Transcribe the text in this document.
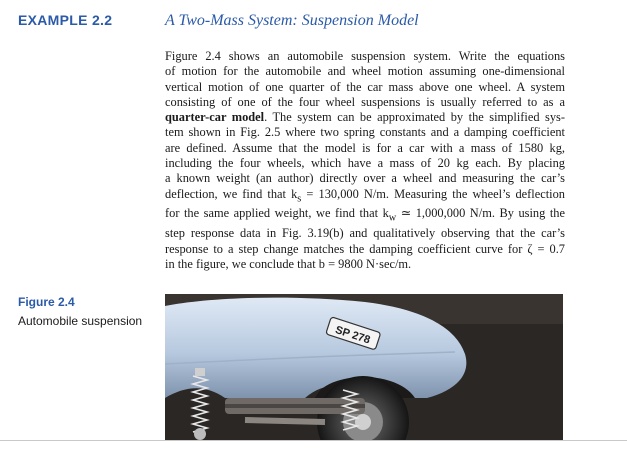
EXAMPLE 2.2	A Two-Mass System: Suspension Model
Figure 2.4 shows an automobile suspension system. Write the equations
of motion for the automobile and wheel motion assuming one-dimensional
vertical motion of one quarter of the car mass above one wheel. A system
consisting of one of the four wheel suspensions is usually referred to as a
quarter-car model. The system can be approximated by the simplified sys-
tem shown in Fig. 2.5 where two spring constants and a damping coefficient
are defined. Assume that the model is for a car with a mass of 1580 kg,
including the four wheels, which have a mass of 20 kg each. By placing
a known weight (an author) directly over a wheel and measuring the car’s
deflection, we find that $k_s = 130,000$ N/m. Measuring the wheel’s deflection
for the same applied weight, we find that $k_w$ ≃ 1,000,000 N/m. By using the
step response data in Fig. 3.19(b) and qualitatively observing that the car’s
response to a step change matches the damping coefficient curve for ζ = 0.7
in the figure, we conclude that b = 9800 N·sec/m.
Figure 2.4
Automobile suspension
SP 278
